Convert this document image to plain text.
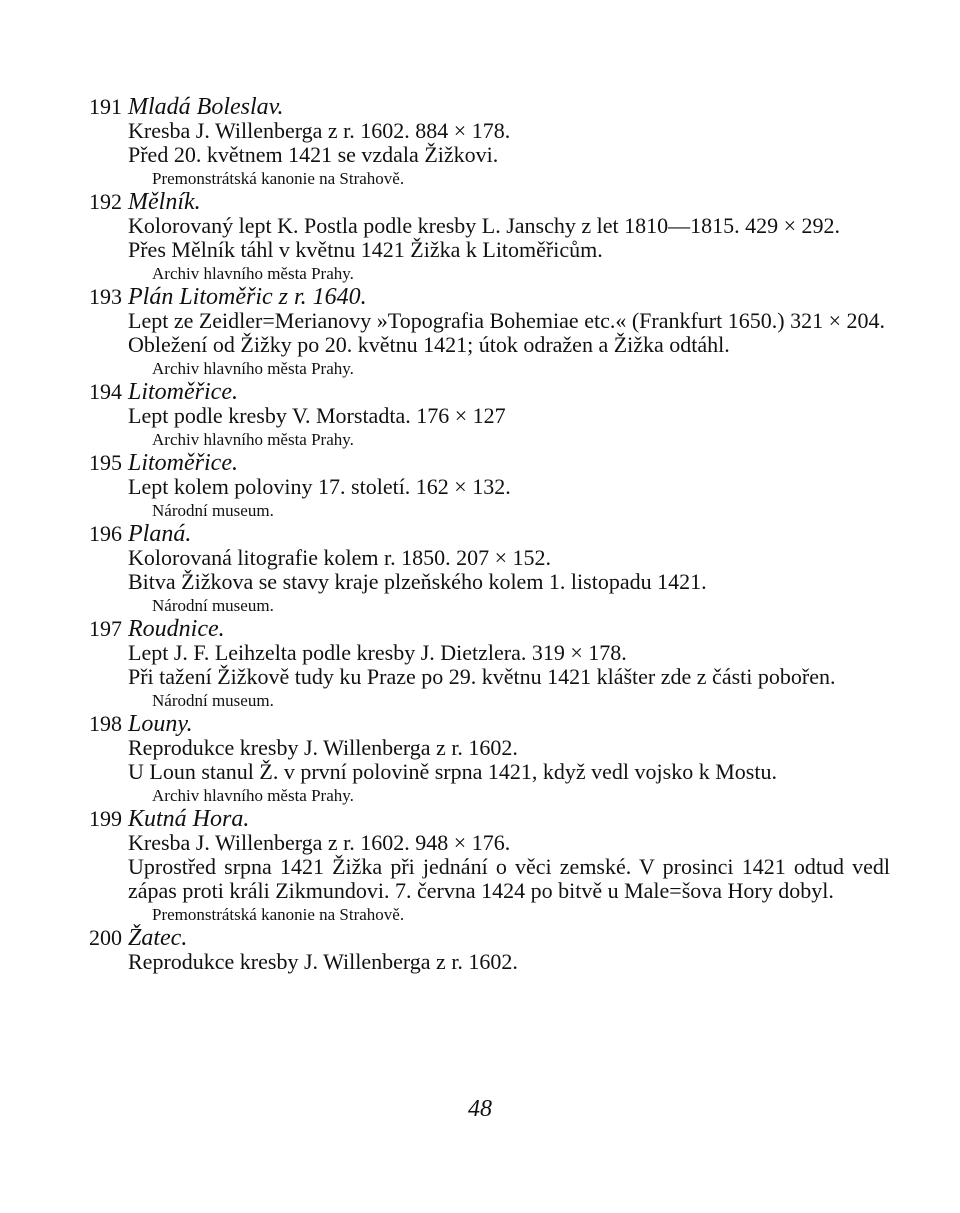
191 Mladá Boleslav.
Kresba J. Willenberga z r. 1602. 884 × 178.
Před 20. květnem 1421 se vzdala Žižkovi.
Premonstrátská kanonie na Strahově.
192 Mělník.
Kolorovaný lept K. Postla podle kresby L. Janschy z let 1810—1815. 429 × 292.
Přes Mělník táhl v květnu 1421 Žižka k Litoměřicům.
Archiv hlavního města Prahy.
193 Plán Litoměřic z r. 1640.
Lept ze Zeidler=Merianovy »Topografia Bohemiae etc.« (Frankfurt 1650.) 321 × 204.
Obležení od Žižky po 20. květnu 1421; útok odražen a Žižka odtáhl.
Archiv hlavního města Prahy.
194 Litoměřice.
Lept podle kresby V. Morstadta. 176 × 127
Archiv hlavního města Prahy.
195 Litoměřice.
Lept kolem poloviny 17. století. 162 × 132.
Národní museum.
196 Planá.
Kolorovaná litografie kolem r. 1850. 207 × 152.
Bitva Žižkova se stavy kraje plzeňského kolem 1. listopadu 1421.
Národní museum.
197 Roudnice.
Lept J. F. Leihzelta podle kresby J. Dietzlera. 319 × 178.
Při tažení Žižkově tudy ku Praze po 29. květnu 1421 klášter zde z části pobořen.
Národní museum.
198 Louny.
Reprodukce kresby J. Willenberga z r. 1602.
U Loun stanul Ž. v první polovině srpna 1421, když vedl vojsko k Mostu.
Archiv hlavního města Prahy.
199 Kutná Hora.
Kresba J. Willenberga z r. 1602. 948 × 176.
Uprostřed srpna 1421 Žižka při jednání o věci zemské. V prosinci 1421 odtud vedl zápas proti králi Zikmundovi. 7. června 1424 po bitvě u Male=šova Hory dobyl.
Premonstrátská kanonie na Strahově.
200 Žatec.
Reprodukce kresby J. Willenberga z r. 1602.
48
